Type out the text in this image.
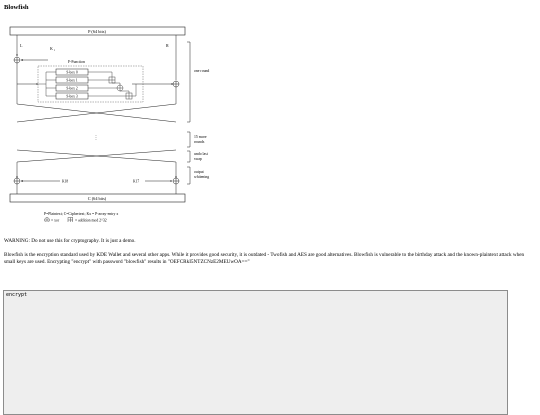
Blowfish
P (64 bits)
L	R
K r
F-Function
S-box 0
S-box 1
S-box 2
S-box 3
one round
⋮	15 more
rounds
undo last
swap
K18	K17
output
whitening
C (64 bits)
P=Plaintext; C=Ciphertext; Kx = P-array-entry x
= xor	= addition mod 2^32
WARNING: Do not use this for cryptography. It is just a demo.
Blowfish is the encryption standard used by KDE Wallet and several other apps. While it provides good security, it is outdated - Twofish and AES are good alternatives. Blowfish is vulnerable to the birthday attack and the known-plaintext attack when small keys are used. Encrypting "encrypt" with password "blowfish" results in "OEFCRkI5NTZCNzE2MEUwOA=="
encrypt
